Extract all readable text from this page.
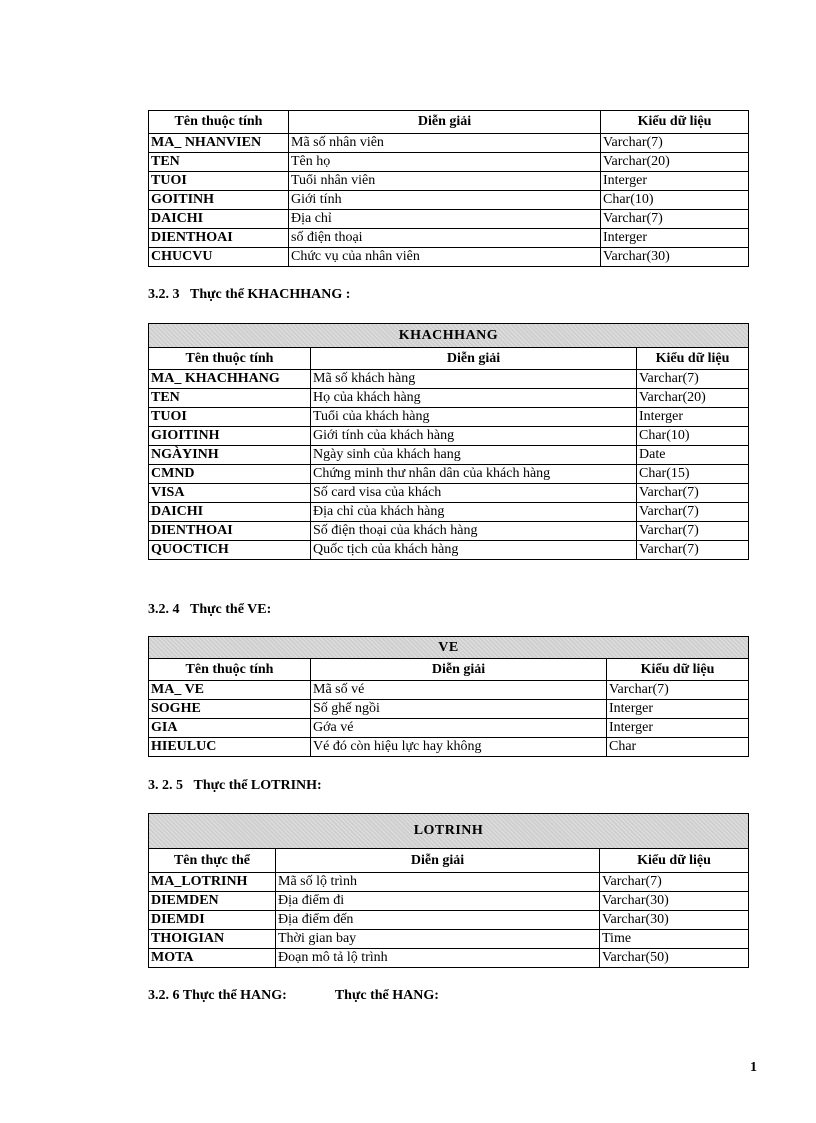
Tên thuộc tính	Diễn giải	Kiểu dữ liệu
MA_ NHANVIEN	Mã số nhân viên	Varchar(7)
TEN	Tên họ	Varchar(20)
TUOI	Tuổi nhân viên	Interger
GOITINH	Giới tính	Char(10)
DAICHI	Địa chỉ	Varchar(7)
DIENTHOAI	số điện thoại	Interger
CHUCVU	Chức vụ của nhân viên	Varchar(30)
3.2. 3 Thực thể KHACHHANG :
KHACHHANG		
Tên thuộc tính	Diễn giải	Kiểu dữ liệu
MA_ KHACHHANG	Mã số khách hàng	Varchar(7)
TEN	Họ của khách hàng	Varchar(20)
TUOI	Tuổi của khách hàng	Interger
GIOITINH	Giới tính của khách hàng	Char(10)
NGÀYINH	Ngày sinh của khách hang	Date
CMND	Chứng minh thư nhân dân của khách hàng	Char(15)
VISA	Số card visa của khách	Varchar(7)
DAICHI	Địa chỉ của khách hàng	Varchar(7)
DIENTHOAI	Số điện thoại của khách hàng	Varchar(7)
QUOCTICH	Quốc tịch của khách hàng	Varchar(7)
3.2. 4 Thực thể VE:
VE		
Tên thuộc tính	Diễn giải	Kiểu dữ liệu
MA_ VE	Mã số vé	Varchar(7)
SOGHE	Số ghế ngồi	Interger
GIA	Gớa vé	Interger
HIEULUC	Vé đó còn hiệu lực hay không	Char
3. 2. 5 Thực thể LOTRINH:
LOTRINH		
Tên thực thể	Diễn giải	Kiểu dữ liệu
MA_LOTRINH	Mã số lộ trình	Varchar(7)
DIEMDEN	Địa điểm đi	Varchar(30)
DIEMDI	Địa điểm đến	Varchar(30)
THOIGIAN	Thời gian bay	Time
MOTA	Đoạn mô tả lộ trình	Varchar(50)
3.2. 6 Thực thể HANG:	Thực thể HANG:
1
